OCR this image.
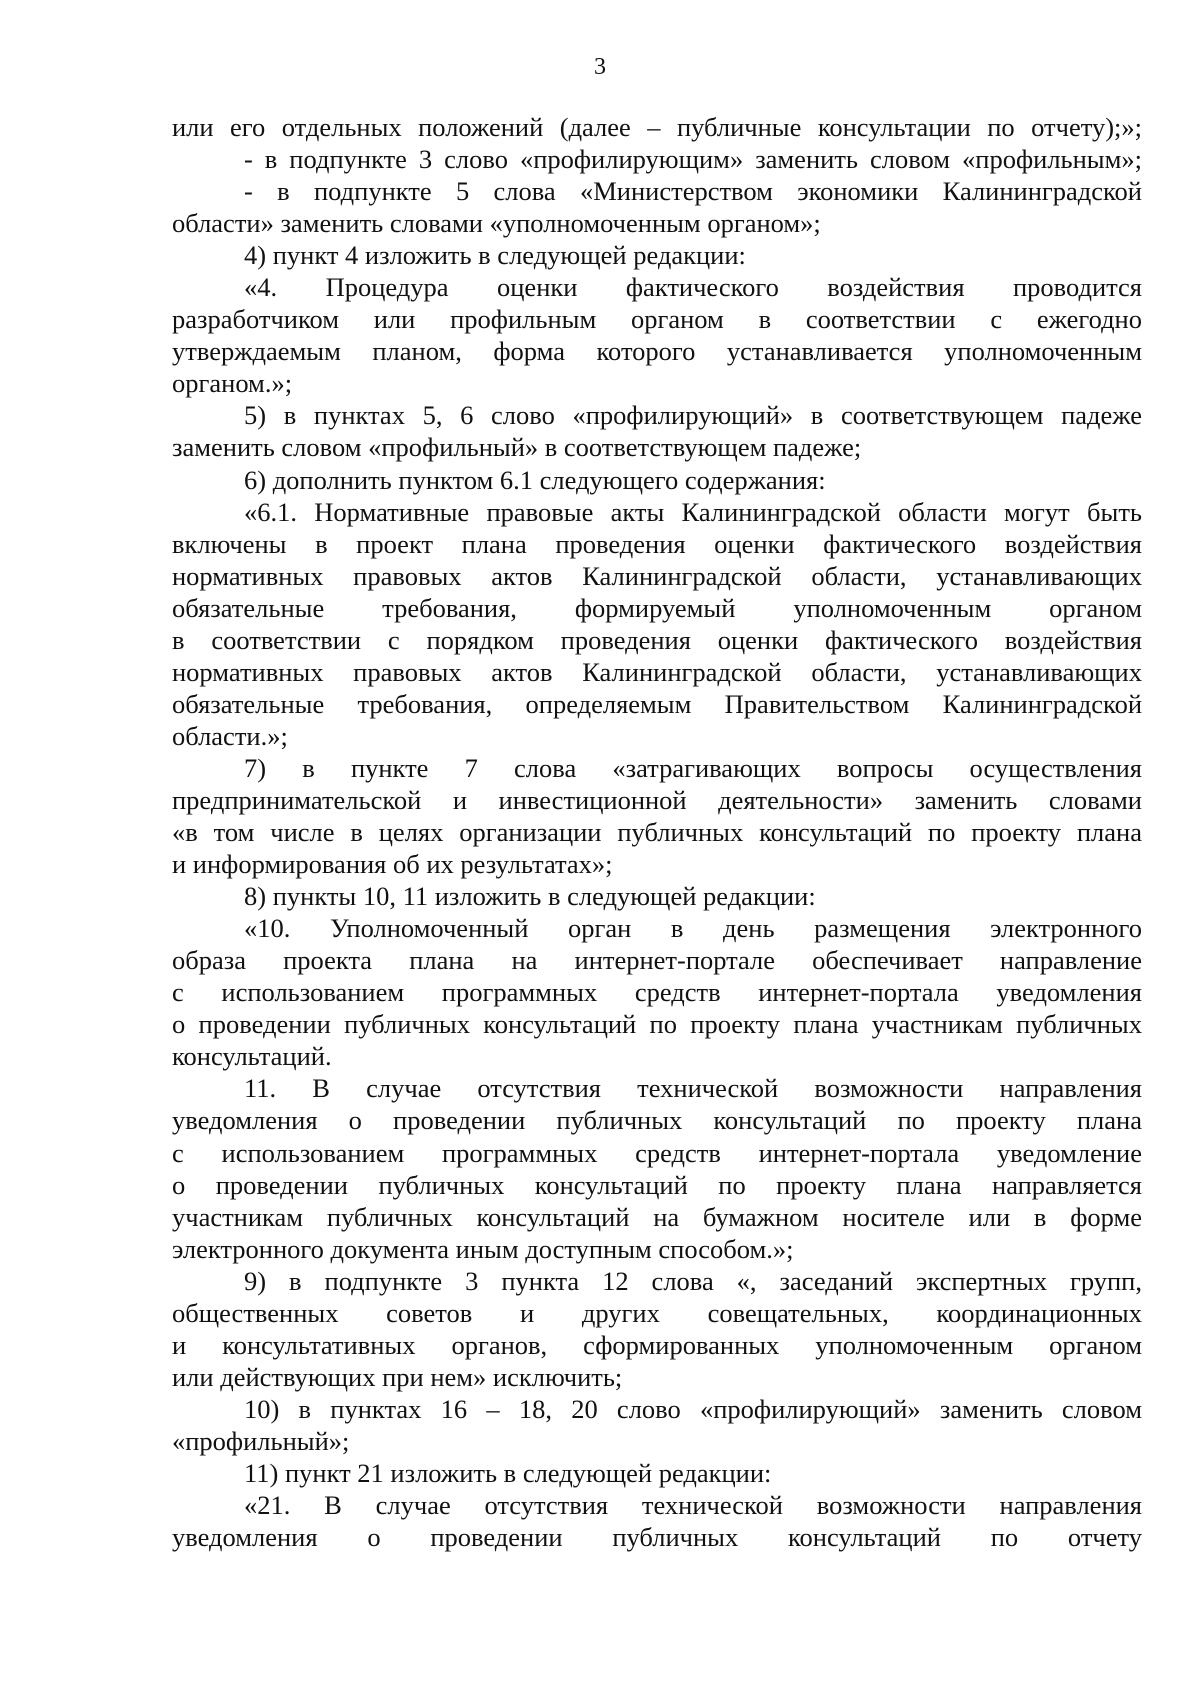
3
или его отдельных положений (далее – публичные консультации по отчету);»;
- в подпункте 3 слово «профилирующим» заменить словом «профильным»;
- в подпункте 5 слова «Министерством экономики Калининградской
области» заменить словами «уполномоченным органом»;
4) пункт 4 изложить в следующей редакции:
«4. Процедура оценки фактического воздействия проводится
разработчиком или профильным органом в соответствии с ежегодно
утверждаемым планом, форма которого устанавливается уполномоченным
органом.»;
5) в пунктах 5, 6 слово «профилирующий» в соответствующем падеже
заменить словом «профильный» в соответствующем падеже;
6) дополнить пунктом 6.1 следующего содержания:
«6.1. Нормативные правовые акты Калининградской области могут быть
включены в проект плана проведения оценки фактического воздействия
нормативных правовых актов Калининградской области, устанавливающих
обязательные требования, формируемый уполномоченным органом
в соответствии с порядком проведения оценки фактического воздействия
нормативных правовых актов Калининградской области, устанавливающих
обязательные требования, определяемым Правительством Калининградской
области.»;
7) в пункте 7 слова «затрагивающих вопросы осуществления
предпринимательской и инвестиционной деятельности» заменить словами
«в том числе в целях организации публичных консультаций по проекту плана
и информирования об их результатах»;
8) пункты 10, 11 изложить в следующей редакции:
«10. Уполномоченный орган в день размещения электронного
образа проекта плана на интернет-портале обеспечивает направление
с использованием программных средств интернет-портала уведомления
о проведении публичных консультаций по проекту плана участникам публичных
консультаций.
11. В случае отсутствия технической возможности направления
уведомления о проведении публичных консультаций по проекту плана
с использованием программных средств интернет-портала уведомление
о проведении публичных консультаций по проекту плана направляется
участникам публичных консультаций на бумажном носителе или в форме
электронного документа иным доступным способом.»;
9) в подпункте 3 пункта 12 слова «, заседаний экспертных групп,
общественных советов и других совещательных, координационных
и консультативных органов, сформированных уполномоченным органом
или действующих при нем» исключить;
10) в пунктах 16 – 18, 20 слово «профилирующий» заменить словом
«профильный»;
11) пункт 21 изложить в следующей редакции:
«21. В случае отсутствия технической возможности направления
уведомления о проведении публичных консультаций по отчету
